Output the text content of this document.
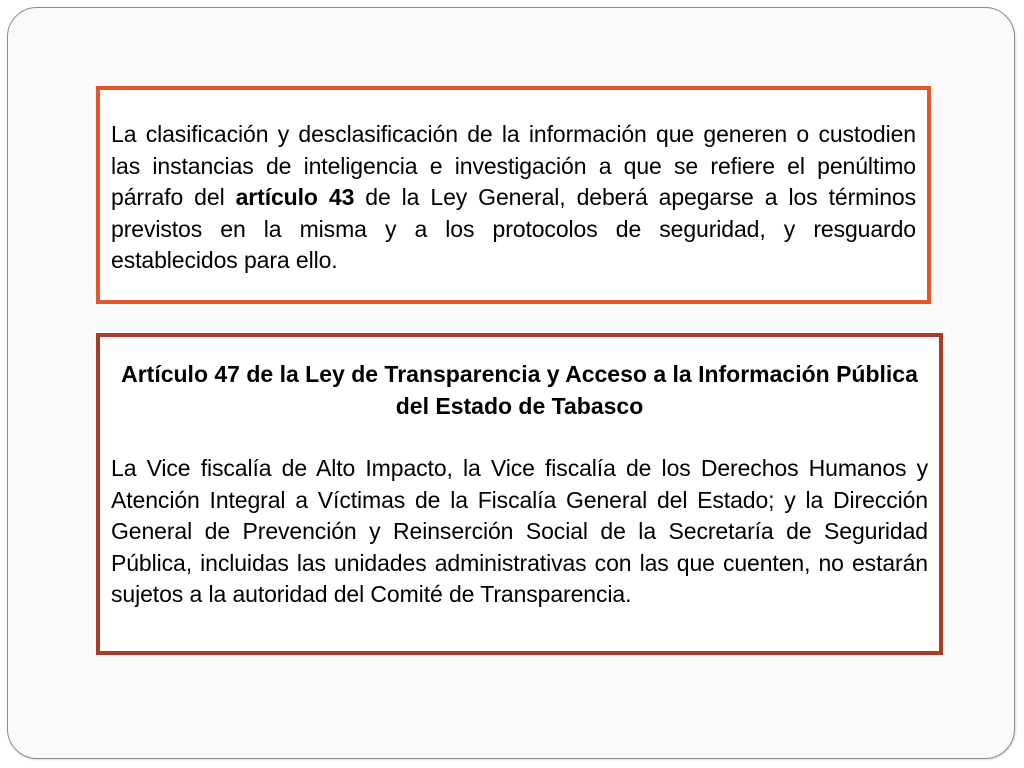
La clasificación y desclasificación de la información que generen o custodien las instancias de inteligencia e investigación a que se refiere el penúltimo párrafo del artículo 43 de la Ley General, deberá apegarse a los términos previstos en la misma y a los protocolos de seguridad, y resguardo establecidos para ello.

Artículo 47 de la Ley de Transparencia y Acceso a la Información Pública del Estado de Tabasco

La Vice fiscalía de Alto Impacto, la Vice fiscalía de los Derechos Humanos y Atención Integral a Víctimas de la Fiscalía General del Estado; y la Dirección General de Prevención y Reinserción Social de la Secretaría de Seguridad Pública, incluidas las unidades administrativas con las que cuenten, no estarán sujetos a la autoridad del Comité de Transparencia.
